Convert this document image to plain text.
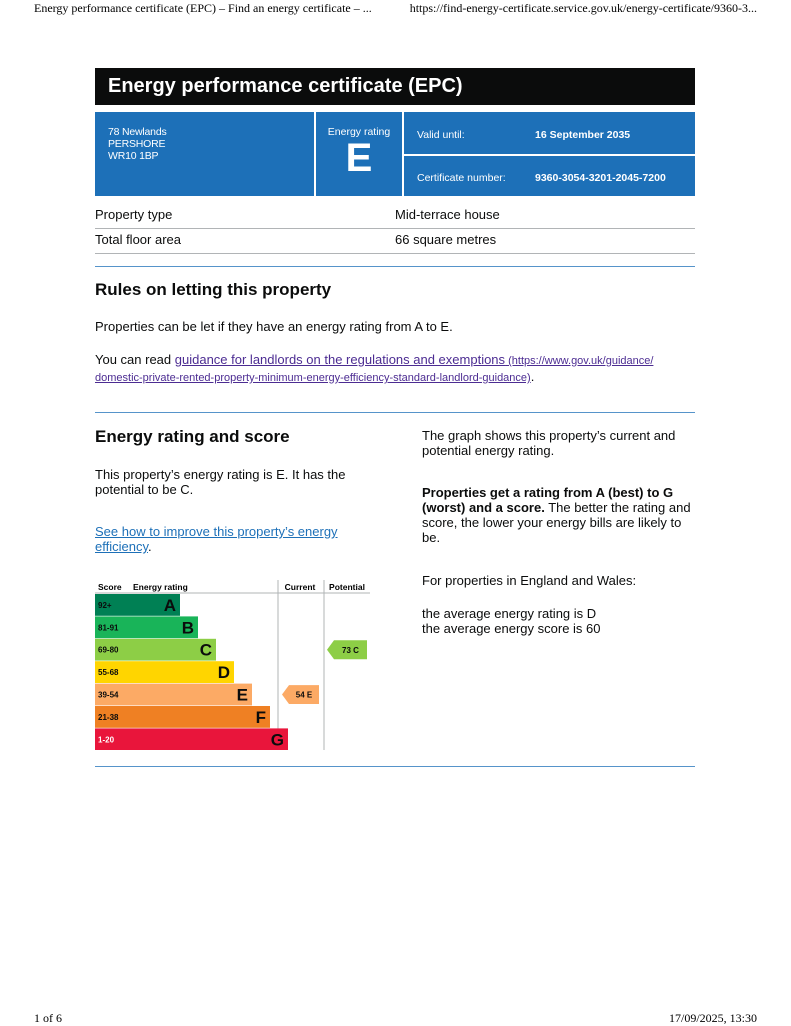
Energy performance certificate (EPC) – Find an energy certificate – ...	https://find-energy-certificate.service.gov.uk/energy-certificate/9360-3...
Energy performance certificate (EPC)
78 Newlands
PERSHORE
WR10 1BP
Energy rating
E
Valid until:	16 September 2035
Certificate number:	9360-3054-3201-2045-7200
Property type	Mid-terrace house
Total floor area	66 square metres
Rules on letting this property

Properties can be let if they have an energy rating from A to E.

You can read guidance for landlords on the regulations and exemptions (https://www.gov.uk/guidance/
domestic-private-rented-property-minimum-energy-efficiency-standard-landlord-guidance).

Energy rating and score

This property’s energy rating is E. It has the
potential to be C.

See how to improve this property’s energy
efficiency.

The graph shows this property’s current and
potential energy rating.

Properties get a rating from A (best) to G
(worst) and a score. The better the rating and
score, the lower your energy bills are likely to
be.

For properties in England and Wales:

the average energy rating is D
the average energy score is 60

Score Energy rating	Current Potential
92+	A
81-91	B
69-80	C
55-68	D
39-54	E
21-38	F
1-20	G
54 E
73 C
1 of 6	17/09/2025, 13:30
